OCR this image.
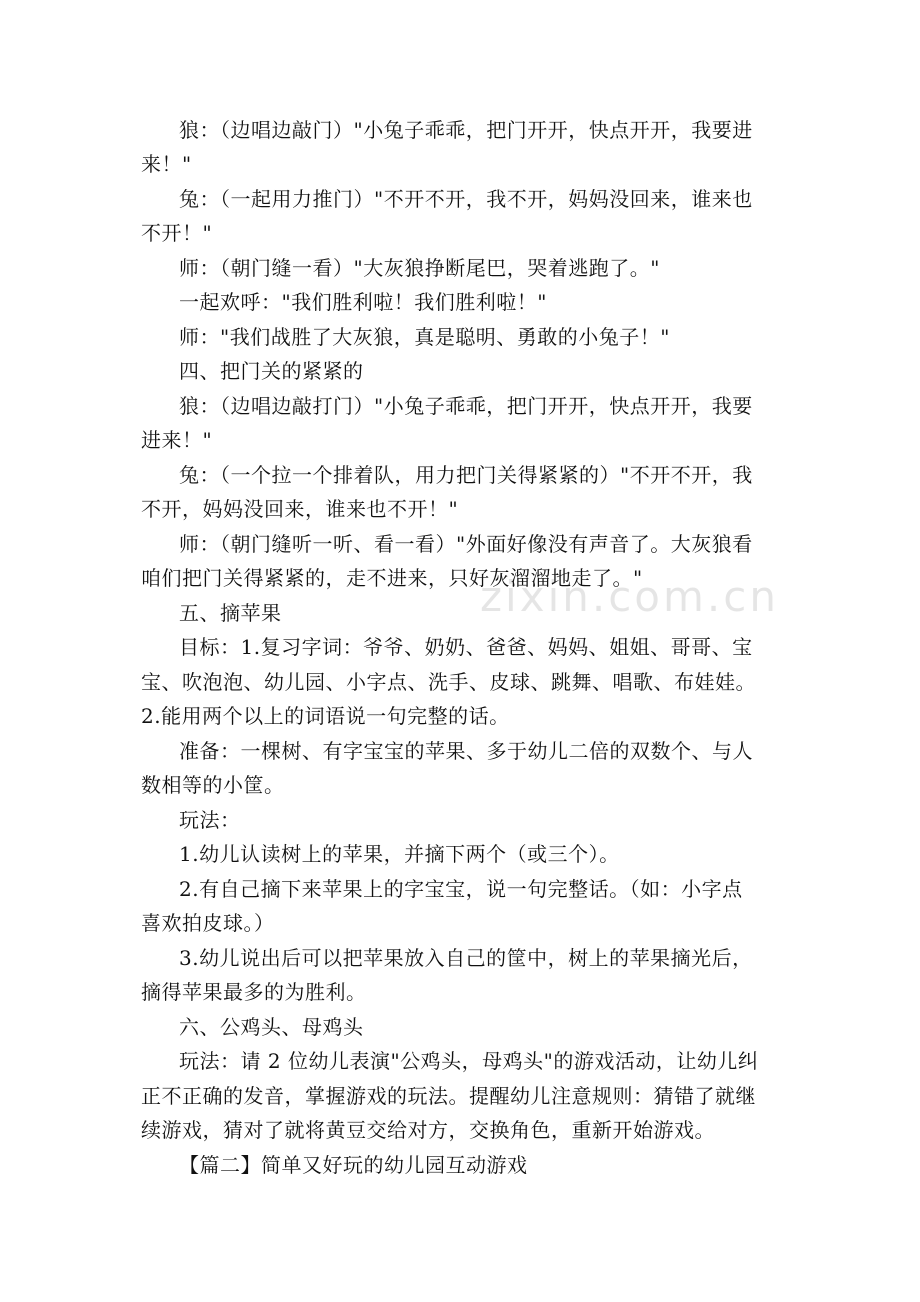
狼：（边唱边敲门）"小兔子乖乖，把门开开，快点开开，我要进
来！"
兔：（一起用力推门）"不开不开，我不开，妈妈没回来，谁来也
不开！"
师：（朝门缝一看）"大灰狼挣断尾巴，哭着逃跑了。"
一起欢呼："我们胜利啦！我们胜利啦！"
师："我们战胜了大灰狼，真是聪明、勇敢的小兔子！"
四、把门关的紧紧的
狼：（边唱边敲打门）"小兔子乖乖，把门开开，快点开开，我要
进来！"
兔：（一个拉一个排着队，用力把门关得紧紧的）"不开不开，我
不开，妈妈没回来，谁来也不开！"
师：（朝门缝听一听、看一看）"外面好像没有声音了。大灰狼看
咱们把门关得紧紧的，走不进来，只好灰溜溜地走了。"
五、摘苹果
目标：1.复习字词：爷爷、奶奶、爸爸、妈妈、姐姐、哥哥、宝
宝、吹泡泡、幼儿园、小字点、洗手、皮球、跳舞、唱歌、布娃娃。
2.能用两个以上的词语说一句完整的话。
准备：一棵树、有字宝宝的苹果、多于幼儿二倍的双数个、与人
数相等的小筐。
玩法：
1.幼儿认读树上的苹果，并摘下两个（或三个）。
2.有自己摘下来苹果上的字宝宝，说一句完整话。（如：小字点
喜欢拍皮球。）
3.幼儿说出后可以把苹果放入自己的筐中，树上的苹果摘光后，
摘得苹果最多的为胜利。
六、公鸡头、母鸡头
玩法：请 2 位幼儿表演"公鸡头，母鸡头"的游戏活动，让幼儿纠
正不正确的发音，掌握游戏的玩法。提醒幼儿注意规则：猜错了就继
续游戏，猜对了就将黄豆交给对方，交换角色，重新开始游戏。
【篇二】简单又好玩的幼儿园互动游戏
zixin.com.cn
